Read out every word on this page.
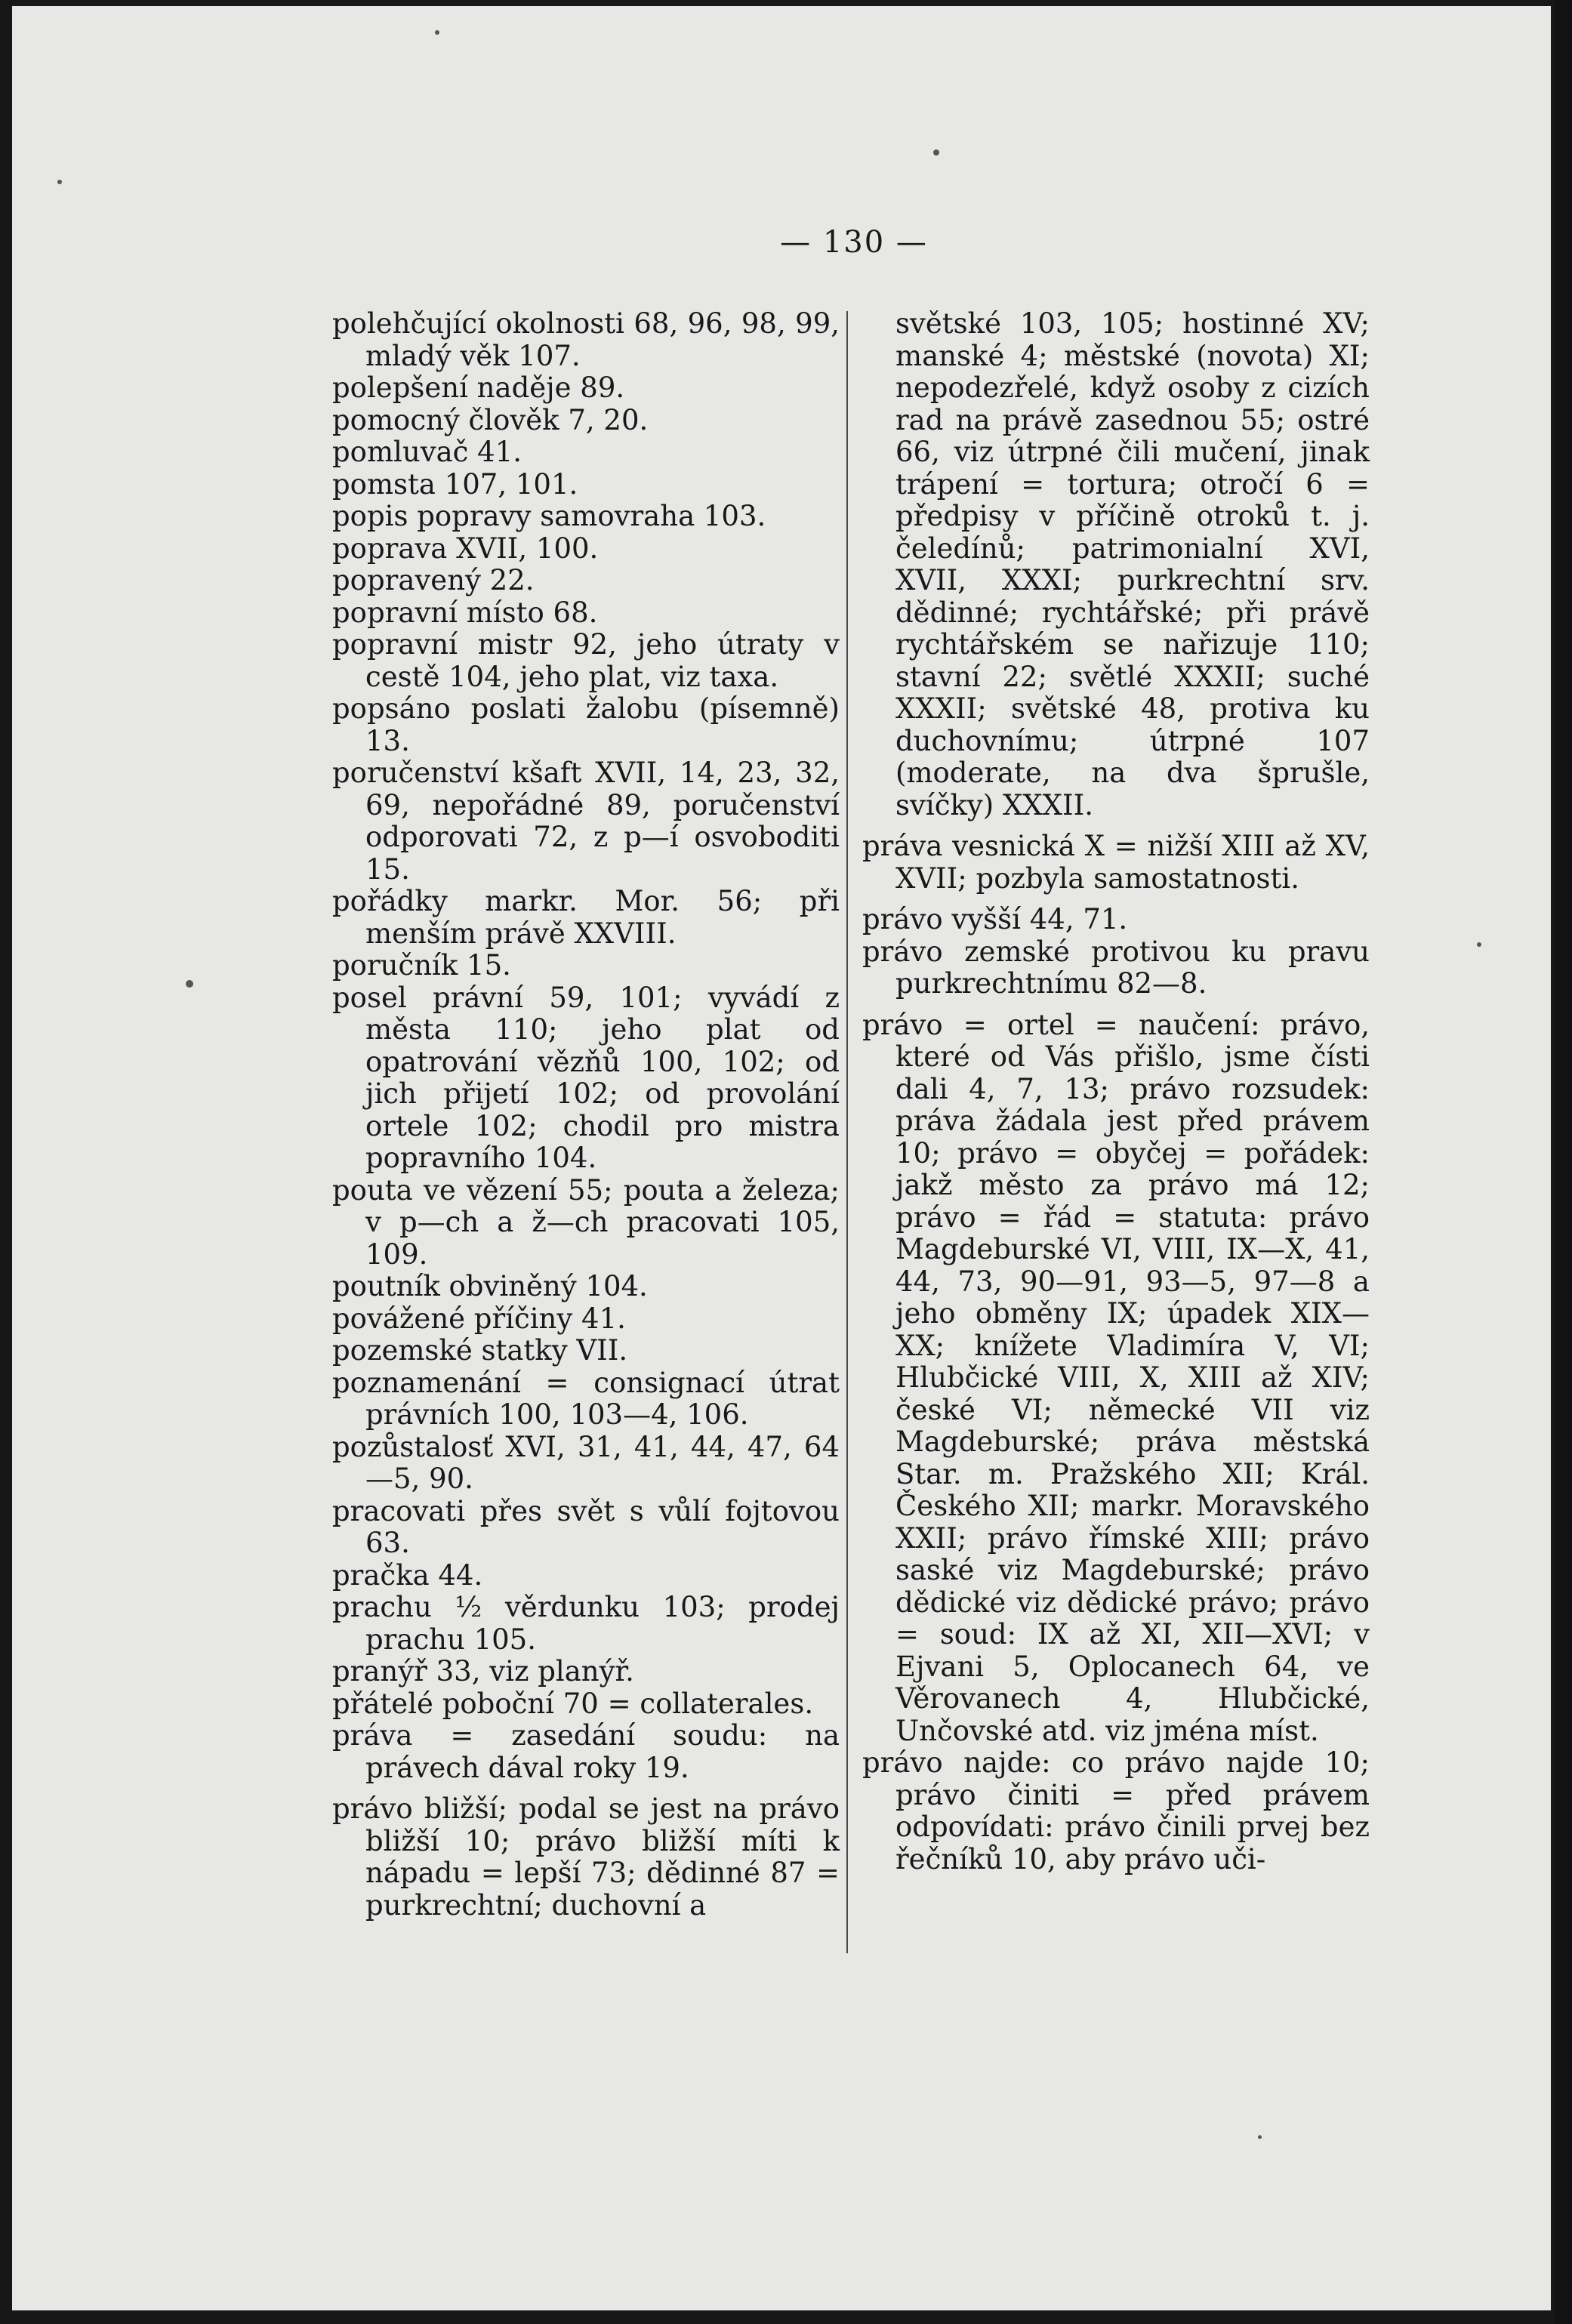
— 130 —

polehčující okolnosti 68, 96, 98, 99, mladý věk 107.

polepšení naděje 89.

pomocný člověk 7, 20.

pomluvač 41.

pomsta 107, 101.

popis popravy samovraha 103.

poprava XVII, 100.

popravený 22.

popravní místo 68.

popravní mistr 92, jeho útraty v cestě 104, jeho plat, viz taxa.

popsáno poslati žalobu (písemně) 13.

poručenství kšaft XVII, 14, 23, 32, 69, nepořádné 89, poručenství odporovati 72, z p—í osvoboditi 15.

pořádky markr. Mor. 56; při menším právě XXVIII.

poručník 15.

posel právní 59, 101; vyvádí z města 110; jeho plat od opatrování vězňů 100, 102; od jich přijetí 102; od provolání ortele 102; chodil pro mistra popravního 104.

pouta ve vězení 55; pouta a železa; v p—ch a ž—ch pracovati 105, 109.

poutník obviněný 104.

povážené příčiny 41.

pozemské statky VII.

poznamenání = consignací útrat právních 100, 103—4, 106.

pozůstalosť XVI, 31, 41, 44, 47, 64—5, 90.

pracovati přes svět s vůlí fojtovou 63.

pračka 44.

prachu ½ věrdunku 103; prodej prachu 105.

pranýř 33, viz planýř.

přátelé poboční 70 = collaterales.

práva = zasedání soudu: na právech dával roky 19.

právo bližší; podal se jest na právo bližší 10; právo bližší míti k nápadu = lepší 73; dědinné 87 = purkrechtní; duchovní a

světské 103, 105; hostinné XV; manské 4; městské (novota) XI; nepodezřelé, když osoby z cizích rad na právě zasednou 55; ostré 66, viz útrpné čili mučení, jinak trápení = tortura; otročí 6 = předpisy v příčině otroků t. j. čeledínů; patrimonialní XVI, XVII, XXXI; purkrechtní srv. dědinné; rychtářské; při právě rychtářském se nařizuje 110; stavní 22; světlé XXXII; suché XXXII; světské 48, protiva ku duchovnímu; útrpné 107 (moderate, na dva šprušle, svíčky) XXXII.

práva vesnická X = nižší XIII až XV, XVII; pozbyla samostatnosti.

právo vyšší 44, 71.

právo zemské protivou ku pravu purkrechtnímu 82—8.

právo = ortel = naučení: právo, které od Vás přišlo, jsme čísti dali 4, 7, 13; právo rozsudek: práva žádala jest před právem 10; právo = obyčej = pořádek: jakž město za právo má 12; právo = řád = statuta: právo Magdeburské VI, VIII, IX—X, 41, 44, 73, 90—91, 93—5, 97—8 a jeho obměny IX; úpadek XIX—XX; knížete Vladimíra V, VI; Hlubčické VIII, X, XIII až XIV; české VI; německé VII viz Magdeburské; práva městská Star. m. Pražského XII; Král. Českého XII; markr. Moravského XXII; právo římské XIII; právo saské viz Magdeburské; právo dědické viz dědické právo; právo = soud: IX až XI, XII—XVI; v Ejvani 5, Oplocanech 64, ve Věrovanech 4, Hlubčické, Unčovské atd. viz jména míst.

právo najde: co právo najde 10; právo činiti = před právem odpovídati: právo činili prvej bez řečníků 10, aby právo uči-
